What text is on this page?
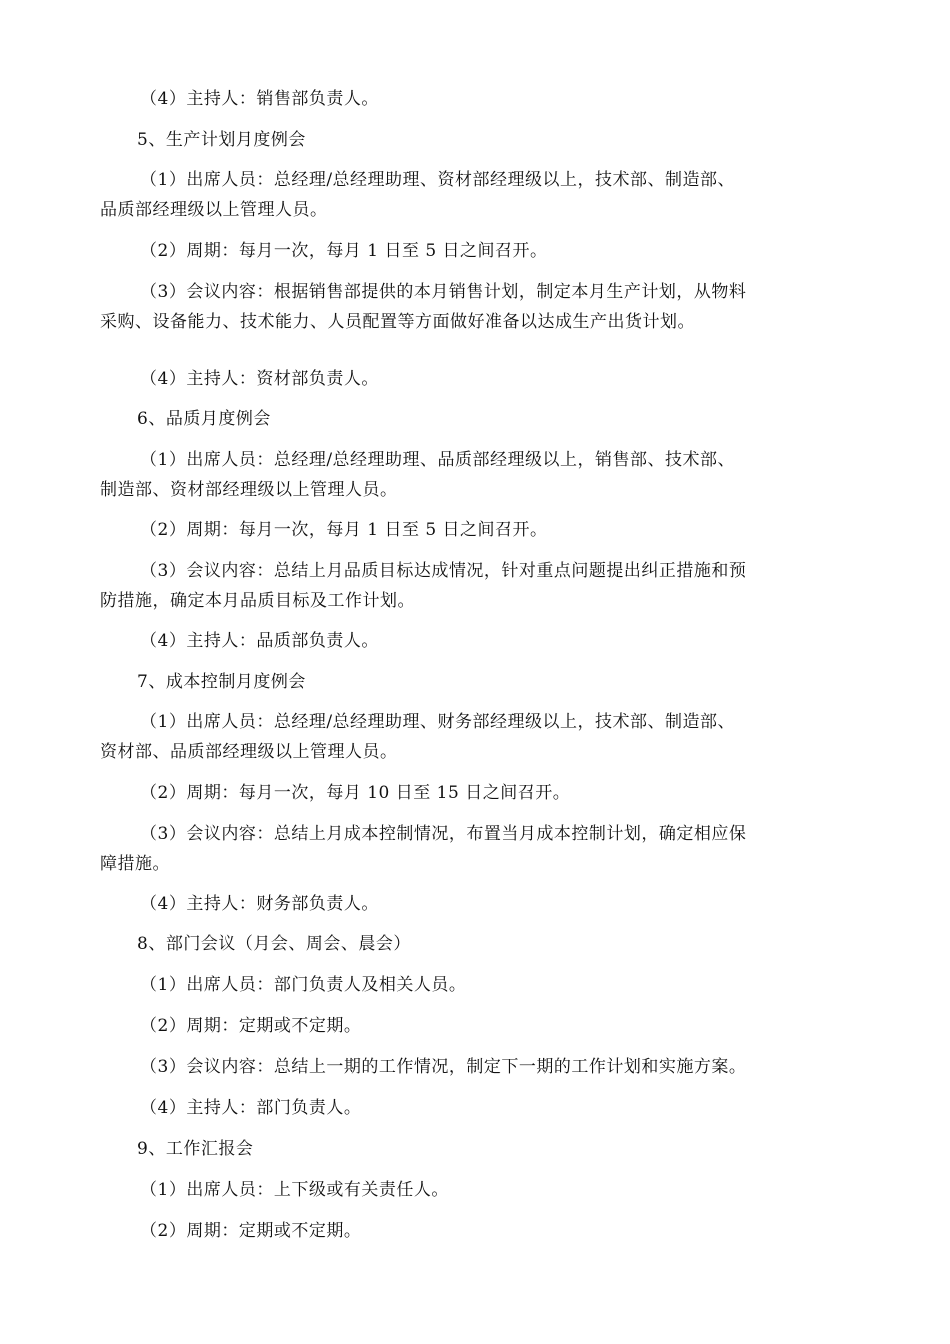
（4）主持人：销售部负责人。
5、生产计划月度例会
（1）出席人员：总经理/总经理助理、资材部经理级以上，技术部、制造部、
品质部经理级以上管理人员。
（2）周期：每月一次，每月 1 日至 5 日之间召开。
（3）会议内容：根据销售部提供的本月销售计划，制定本月生产计划，从物料
采购、设备能力、技术能力、人员配置等方面做好准备以达成生产出货计划。
（4）主持人：资材部负责人。
6、品质月度例会
（1）出席人员：总经理/总经理助理、品质部经理级以上，销售部、技术部、
制造部、资材部经理级以上管理人员。
（2）周期：每月一次，每月 1 日至 5 日之间召开。
（3）会议内容：总结上月品质目标达成情况，针对重点问题提出纠正措施和预
防措施，确定本月品质目标及工作计划。
（4）主持人：品质部负责人。
7、成本控制月度例会
（1）出席人员：总经理/总经理助理、财务部经理级以上，技术部、制造部、
资材部、品质部经理级以上管理人员。
（2）周期：每月一次，每月 10 日至 15 日之间召开。
（3）会议内容：总结上月成本控制情况，布置当月成本控制计划，确定相应保
障措施。
（4）主持人：财务部负责人。
8、部门会议（月会、周会、晨会）
（1）出席人员：部门负责人及相关人员。
（2）周期：定期或不定期。
（3）会议内容：总结上一期的工作情况，制定下一期的工作计划和实施方案。
（4）主持人：部门负责人。
9、工作汇报会
（1）出席人员：上下级或有关责任人。
（2）周期：定期或不定期。
